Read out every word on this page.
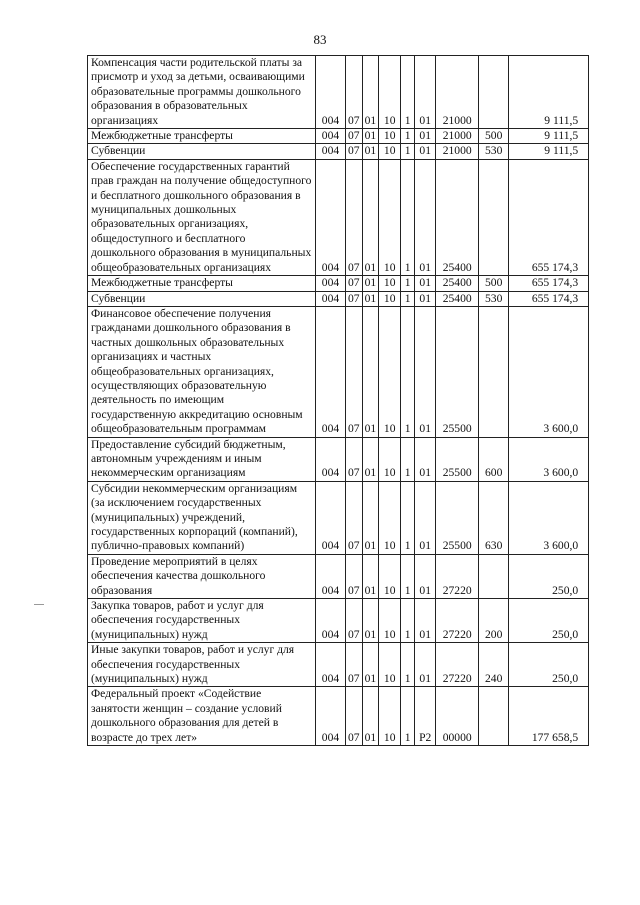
83
Компенсация части родительской платы за присмотр и уход за детьми, осваивающими образовательные программы дошкольного образования в образовательных организациях	004	07	01	10	1	01	21000		9 111,5
Межбюджетные трансферты	004	07	01	10	1	01	21000	500	9 111,5
Субвенции	004	07	01	10	1	01	21000	530	9 111,5
Обеспечение государственных гарантий прав граждан на получение общедоступного и бесплатного дошкольного образования в муниципальных дошкольных образовательных организациях, общедоступного и бесплатного дошкольного образования в муниципальных общеобразовательных организациях	004	07	01	10	1	01	25400		655 174,3
Межбюджетные трансферты	004	07	01	10	1	01	25400	500	655 174,3
Субвенции	004	07	01	10	1	01	25400	530	655 174,3
Финансовое обеспечение получения гражданами дошкольного образования в частных дошкольных образовательных организациях и частных общеобразовательных организациях, осуществляющих образовательную деятельность по имеющим государственную аккредитацию основным общеобразовательным программам	004	07	01	10	1	01	25500		3 600,0
Предоставление субсидий бюджетным, автономным учреждениям и иным некоммерческим организациям	004	07	01	10	1	01	25500	600	3 600,0
Субсидии некоммерческим организациям (за исключением государственных (муниципальных) учреждений, государственных корпораций (компаний), публично-правовых компаний)	004	07	01	10	1	01	25500	630	3 600,0
Проведение мероприятий в целях обеспечения качества дошкольного образования	004	07	01	10	1	01	27220		250,0
Закупка товаров, работ и услуг для обеспечения государственных (муниципальных) нужд	004	07	01	10	1	01	27220	200	250,0
Иные закупки товаров, работ и услуг для обеспечения государственных (муниципальных) нужд	004	07	01	10	1	01	27220	240	250,0
Федеральный проект «Содействие занятости женщин – создание условий дошкольного образования для детей в возрасте до трех лет»	004	07	01	10	1	P2	00000		177 658,5
